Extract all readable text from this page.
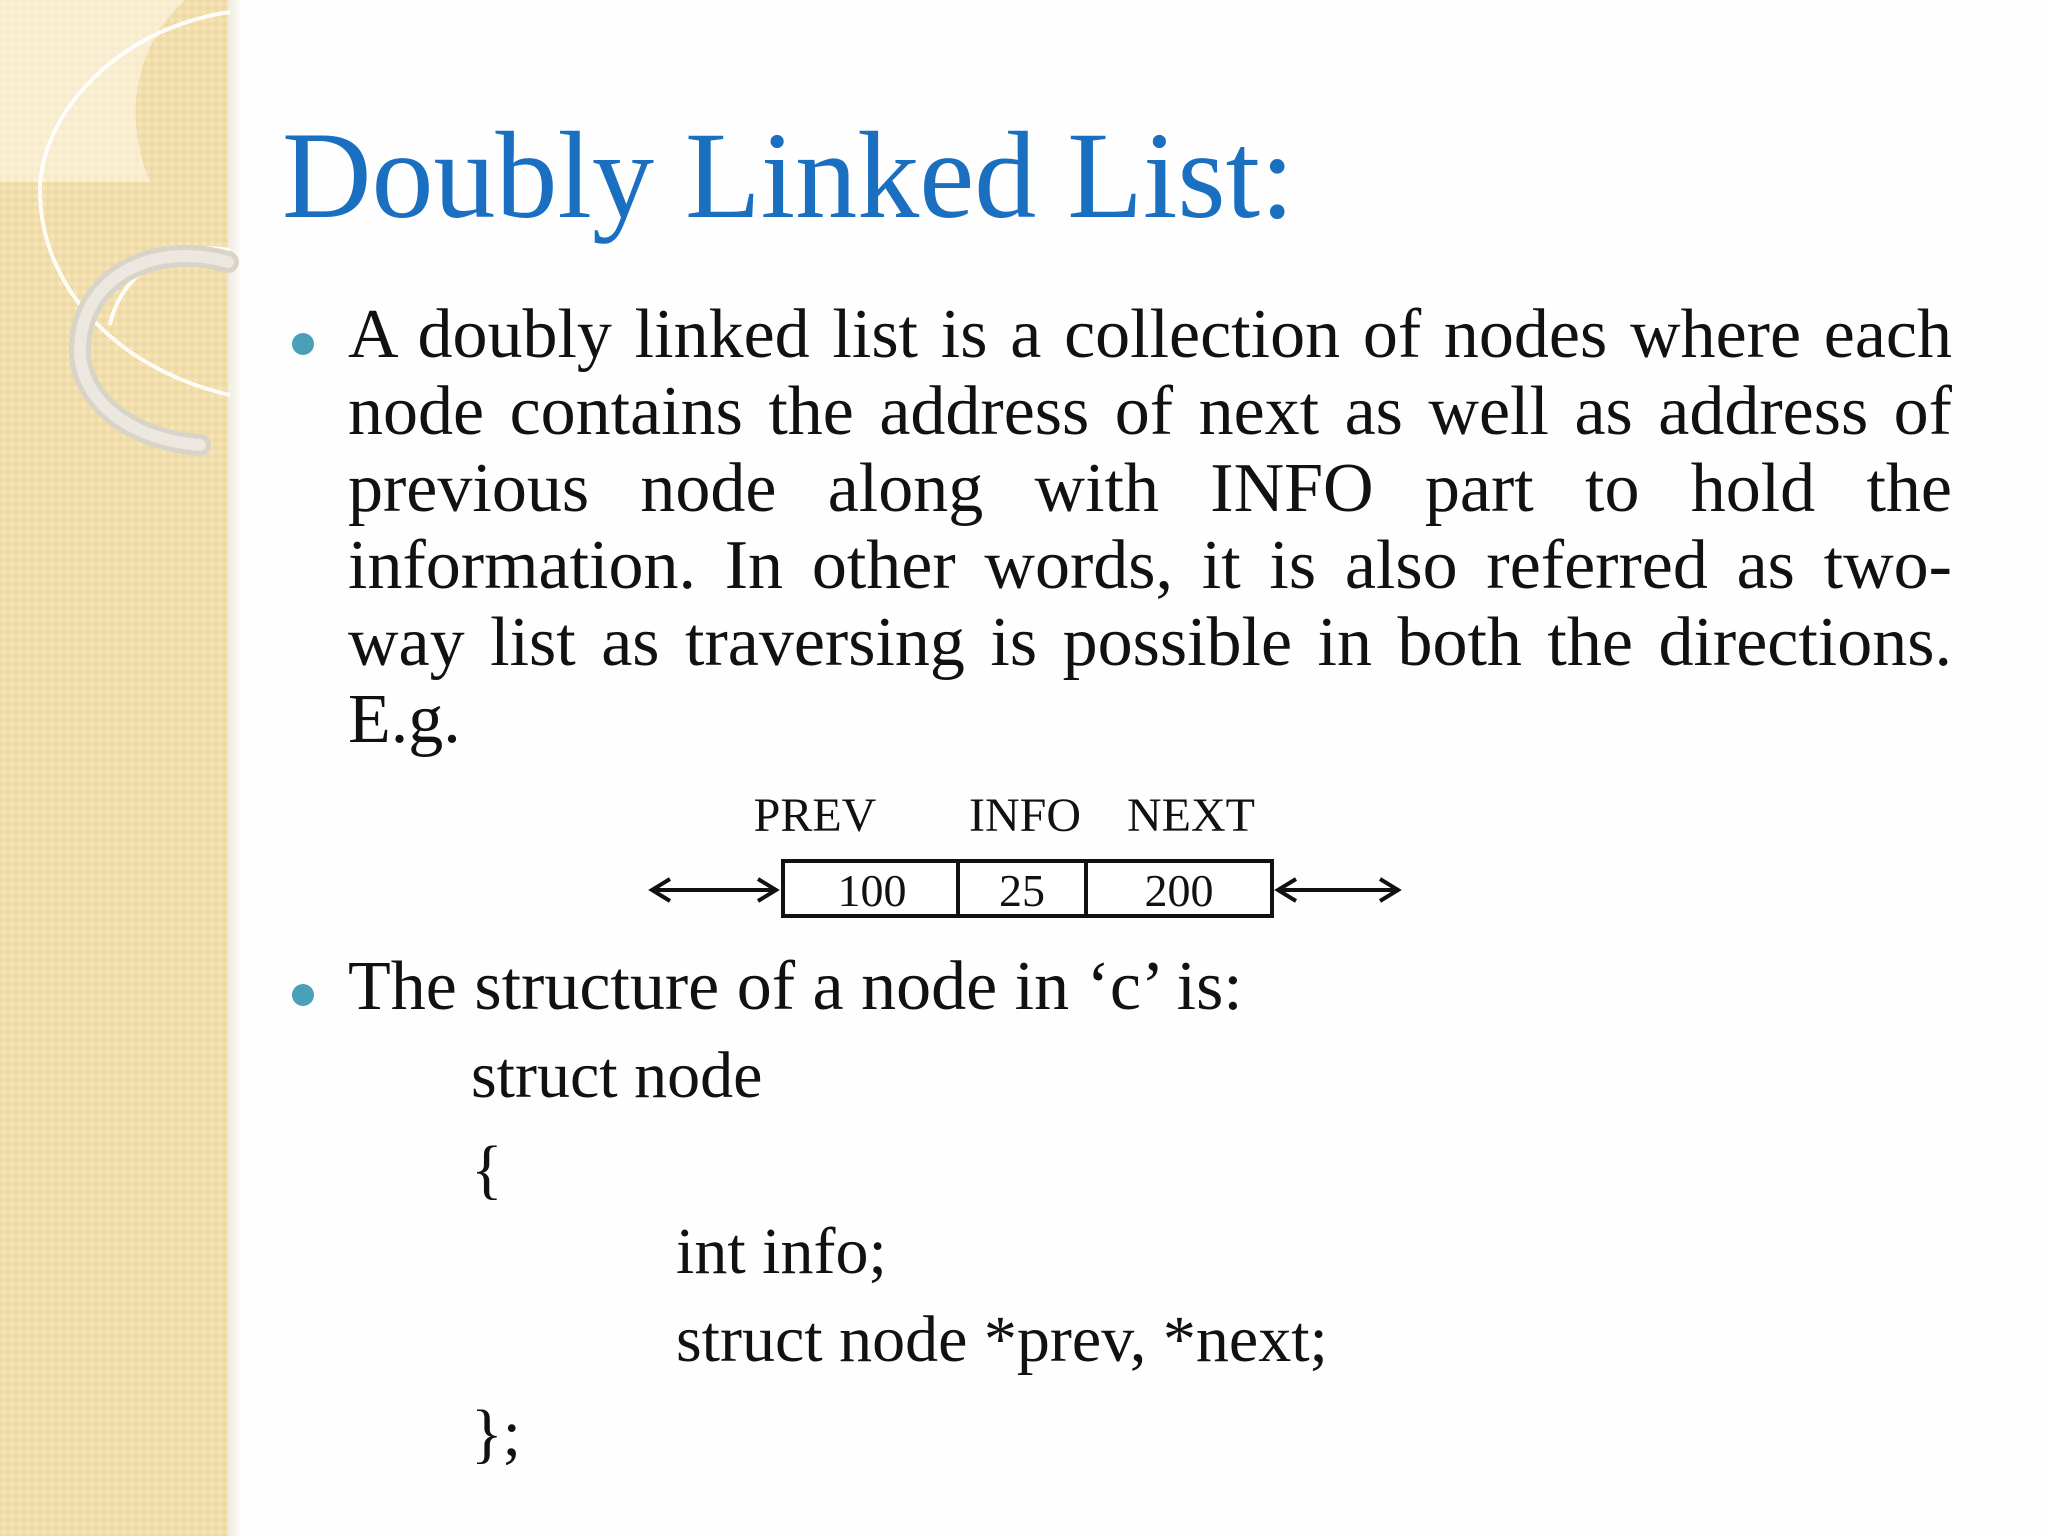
Doubly Linked List:

A doubly linked list is a collection of nodes where each node contains the address of next as well as address of previous node along with INFO part to hold the information. In other words, it is also referred as two-way list as traversing is possible in both the directions. E.g.

PREV INFO NEXT
100 25 200

The structure of a node in ‘c’ is:

struct node

{

int info;

struct node *prev, *next;

};
